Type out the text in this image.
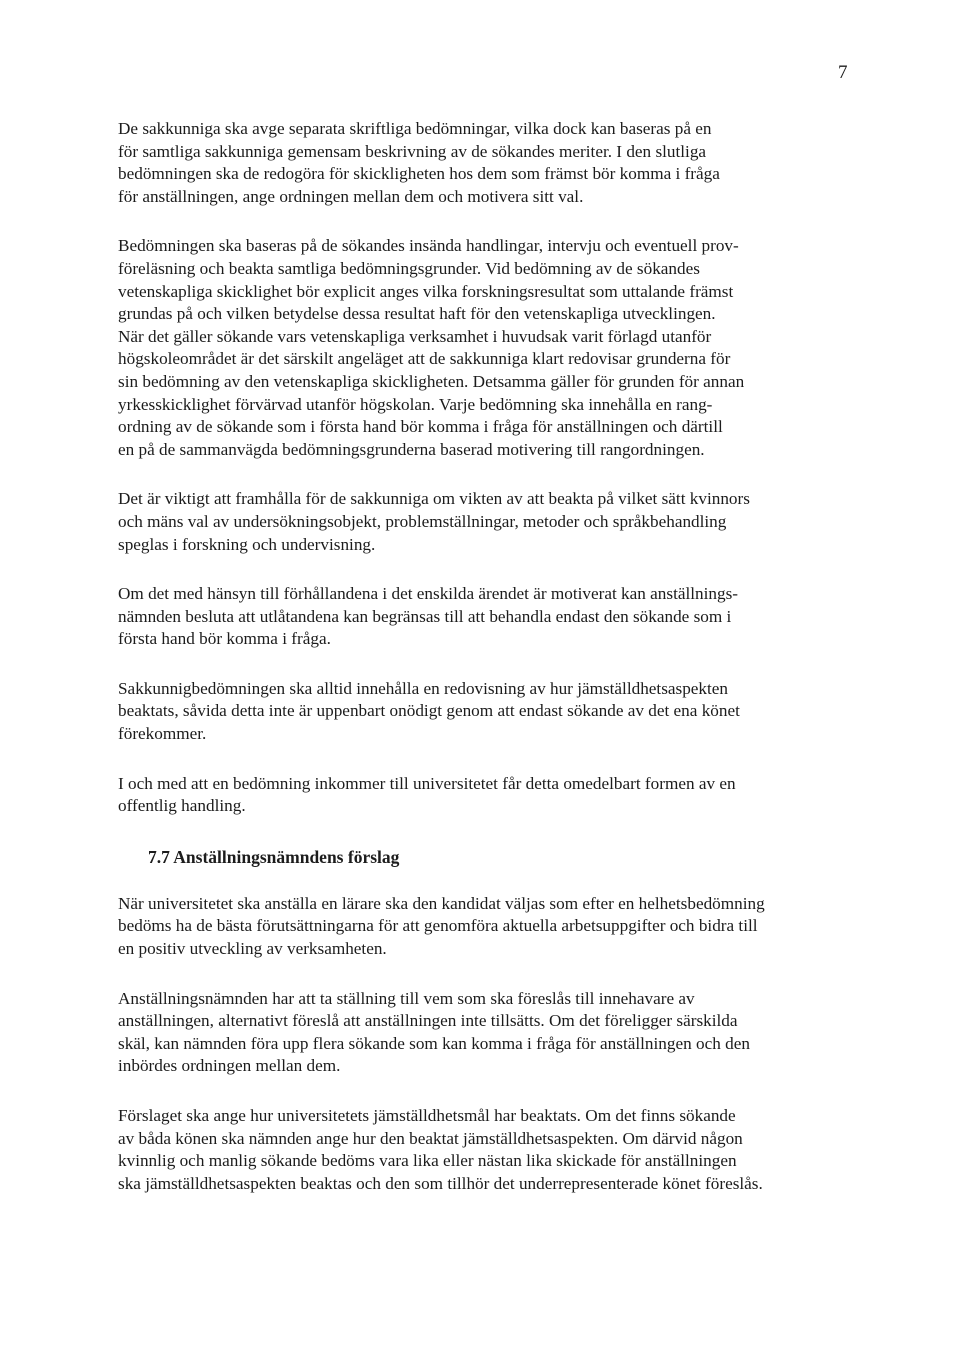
7
De sakkunniga ska avge separata skriftliga bedömningar, vilka dock kan baseras på en
för samtliga sakkunniga gemensam beskrivning av de sökandes meriter. I den slutliga
bedömningen ska de redogöra för skickligheten hos dem som främst bör komma i fråga
för anställningen, ange ordningen mellan dem och motivera sitt val.
Bedömningen ska baseras på de sökandes insända handlingar, intervju och eventuell prov-
föreläsning och beakta samtliga bedömningsgrunder. Vid bedömning av de sökandes
vetenskapliga skicklighet bör explicit anges vilka forskningsresultat som uttalande främst
grundas på och vilken betydelse dessa resultat haft för den vetenskapliga utvecklingen.
När det gäller sökande vars vetenskapliga verksamhet i huvudsak varit förlagd utanför
högskoleområdet är det särskilt angeläget att de sakkunniga klart redovisar grunderna för
sin bedömning av den vetenskapliga skickligheten. Detsamma gäller för grunden för annan
yrkesskicklighet förvärvad utanför högskolan. Varje bedömning ska innehålla en rang-
ordning av de sökande som i första hand bör komma i fråga för anställningen och därtill
en på de sammanvägda bedömningsgrunderna baserad motivering till rangordningen.
Det är viktigt att framhålla för de sakkunniga om vikten av att beakta på vilket sätt kvinnors
och mäns val av undersökningsobjekt, problemställningar, metoder och språkbehandling
speglas i forskning och undervisning.
Om det med hänsyn till förhållandena i det enskilda ärendet är motiverat kan anställnings-
nämnden besluta att utlåtandena kan begränsas till att behandla endast den sökande som i
första hand bör komma i fråga.
Sakkunnigbedömningen ska alltid innehålla en redovisning av hur jämställdhetsaspekten
beaktats, såvida detta inte är uppenbart onödigt genom att endast sökande av det ena könet
förekommer.
I och med att en bedömning inkommer till universitetet får detta omedelbart formen av en
offentlig handling.
7.7 Anställningsnämndens förslag
När universitetet ska anställa en lärare ska den kandidat väljas som efter en helhetsbedömning
bedöms ha de bästa förutsättningarna för att genomföra aktuella arbetsuppgifter och bidra till
en positiv utveckling av verksamheten.
Anställningsnämnden har att ta ställning till vem som ska föreslås till innehavare av
anställningen, alternativt föreslå att anställningen inte tillsätts. Om det föreligger särskilda
skäl, kan nämnden föra upp flera sökande som kan komma i fråga för anställningen och den
inbördes ordningen mellan dem.
Förslaget ska ange hur universitetets jämställdhetsmål har beaktats. Om det finns sökande
av båda könen ska nämnden ange hur den beaktat jämställdhetsaspekten. Om därvid någon
kvinnlig och manlig sökande bedöms vara lika eller nästan lika skickade för anställningen
ska jämställdhetsaspekten beaktas och den som tillhör det underrepresenterade könet föreslås.
